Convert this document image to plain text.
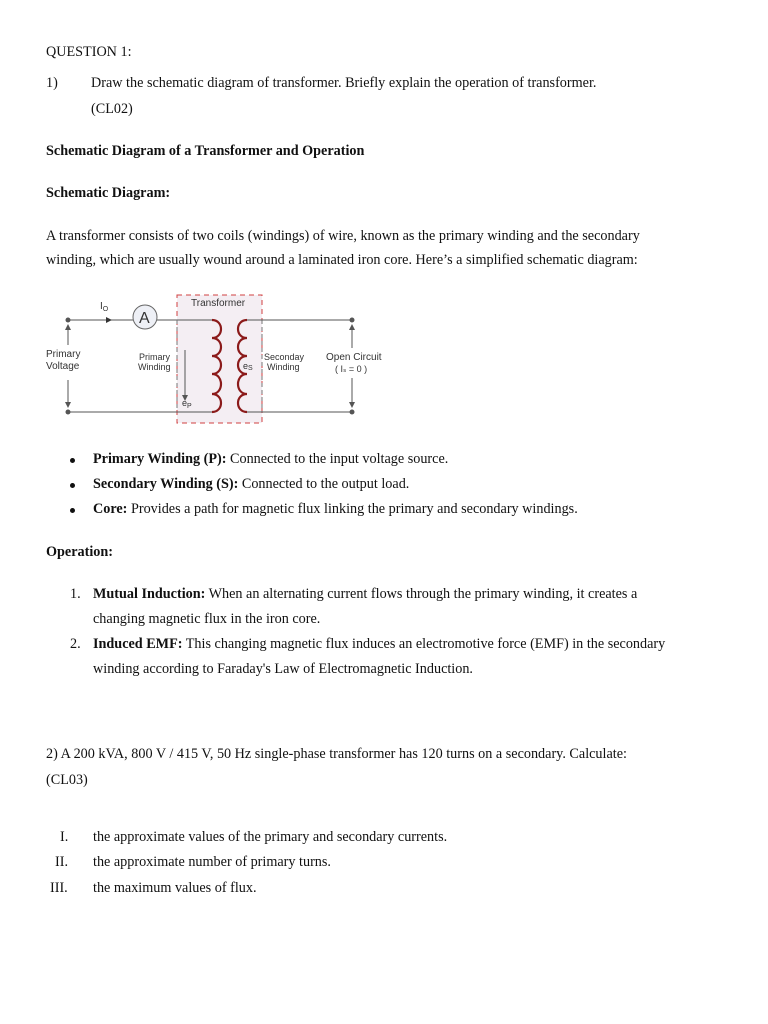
QUESTION 1:
1) Draw the schematic diagram of transformer. Briefly explain the operation of transformer.
(CL02)
Schematic Diagram of a Transformer and Operation
Schematic Diagram:
A transformer consists of two coils (windings) of wire, known as the primary winding and the secondary
winding, which are usually wound around a laminated iron core. Here’s a simplified schematic diagram:
Transformer
Primary
Voltage
$I_O$
A
Primary
Winding
$e_P$
eS
Seconday
Winding
Open Circuit
( Iₛ = 0 )
Primary Winding (P): Connected to the input voltage source.
Secondary Winding (S): Connected to the output load.
Core: Provides a path for magnetic flux linking the primary and secondary windings.
Operation:
1. Mutual Induction: When an alternating current flows through the primary winding, it creates a
changing magnetic flux in the iron core.
2. Induced EMF: This changing magnetic flux induces an electromotive force (EMF) in the secondary
winding according to Faraday's Law of Electromagnetic Induction.
2) A 200 kVA, 800 V / 415 V, 50 Hz single-phase transformer has 120 turns on a secondary. Calculate:
(CL03)
I. the approximate values of the primary and secondary currents.
II. the approximate number of primary turns.
III. the maximum values of flux.
